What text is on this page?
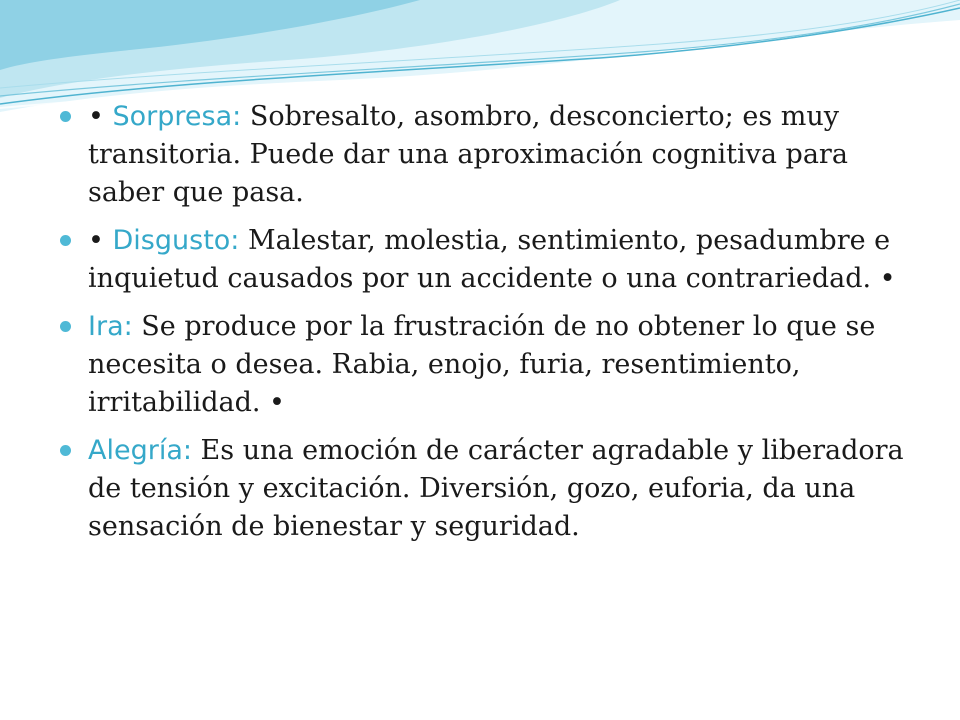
• Sorpresa: Sobresalto, asombro, desconcierto; es muy transitoria. Puede dar una aproximación cognitiva para saber que pasa.
• Disgusto: Malestar, molestia, sentimiento, pesadumbre e inquietud causados por un accidente o una contrariedad. •
Ira: Se produce por la frustración de no obtener lo que se necesita o desea. Rabia, enojo, furia, resentimiento, irritabilidad. •
Alegría: Es una emoción de carácter agradable y liberadora de tensión y excitación. Diversión, gozo, euforia, da una sensación de bienestar y seguridad.
